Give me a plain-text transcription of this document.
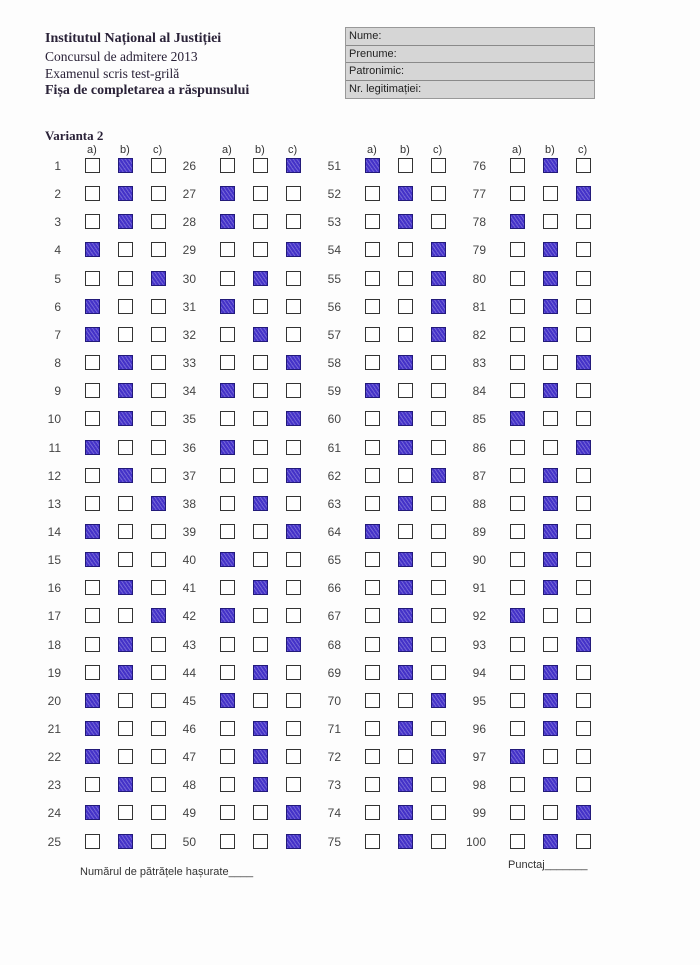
Institutul Național al Justiției
Concursul de admitere 2013
Examenul scris test-grilă
Fișa de completarea a răspunsului
Nume:
Prenume:
Patronimic:
Nr. legitimației:
Varianta 2
a) b) c)
1
2
3
4
5
6
7
8
9
10
11
12
13
14
15
16
17
18
19
20
21
22
23
24
25
a) b) c)
26
27
28
29
30
31
32
33
34
35
36
37
38
39
40
41
42
43
44
45
46
47
48
49
50
a) b) c)
51
52
53
54
55
56
57
58
59
60
61
62
63
64
65
66
67
68
69
70
71
72
73
74
75
a) b) c)
76
77
78
79
80
81
82
83
84
85
86
87
88
89
90
91
92
93
94
95
96
97
98
99
100
Numărul de pătrățele hașurate____
Punctaj_______
